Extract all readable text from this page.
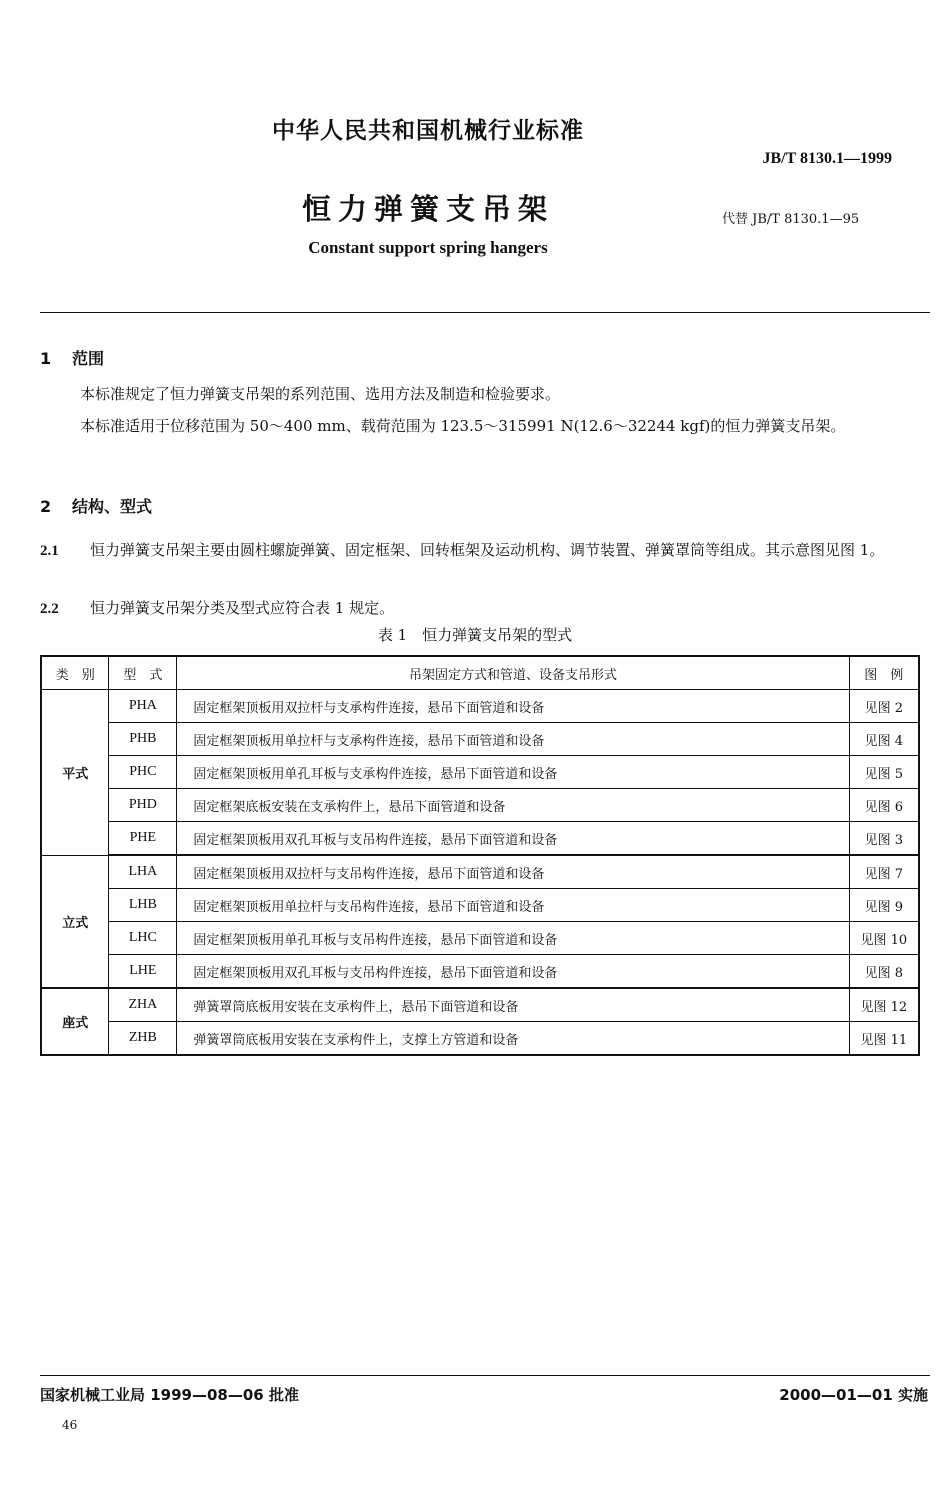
中华人民共和国机械行业标准
JB/T 8130.1—1999
恒力弹簧支吊架	代替 JB/T 8130.1—95
Constant support spring hangers
1 范围
本标准规定了恒力弹簧支吊架的系列范围、选用方法及制造和检验要求。
本标准适用于位移范围为 50～400 mm、载荷范围为 123.5～315991 N(12.6～32244 kgf)的恒力弹簧支吊架。
2 结构、型式
2.1 恒力弹簧支吊架主要由圆柱螺旋弹簧、固定框架、回转框架及运动机构、调节装置、弹簧罩筒等组成。其示意图见图 1。
2.2 恒力弹簧支吊架分类及型式应符合表 1 规定。
表 1　恒力弹簧支吊架的型式
类　别	型　式	吊架固定方式和管道、设备支吊形式	图　例
平式	PHA	固定框架顶板用双拉杆与支承构件连接，悬吊下面管道和设备	见图 2
	PHB	固定框架顶板用单拉杆与支承构件连接，悬吊下面管道和设备	见图 4
	PHC	固定框架顶板用单孔耳板与支承构件连接，悬吊下面管道和设备	见图 5
	PHD	固定框架底板安装在支承构件上，悬吊下面管道和设备	见图 6
	PHE	固定框架顶板用双孔耳板与支吊构件连接，悬吊下面管道和设备	见图 3
立式	LHA	固定框架顶板用双拉杆与支吊构件连接，悬吊下面管道和设备	见图 7
	LHB	固定框架顶板用单拉杆与支吊构件连接，悬吊下面管道和设备	见图 9
	LHC	固定框架顶板用单孔耳板与支吊构件连接，悬吊下面管道和设备	见图 10
	LHE	固定框架顶板用双孔耳板与支吊构件连接，悬吊下面管道和设备	见图 8
座式	ZHA	弹簧罩筒底板用安装在支承构件上，悬吊下面管道和设备	见图 12
	ZHB	弹簧罩筒底板用安装在支承构件上，支撑上方管道和设备	见图 11
国家机械工业局 1999—08—06 批准	2000—01—01 实施
46
